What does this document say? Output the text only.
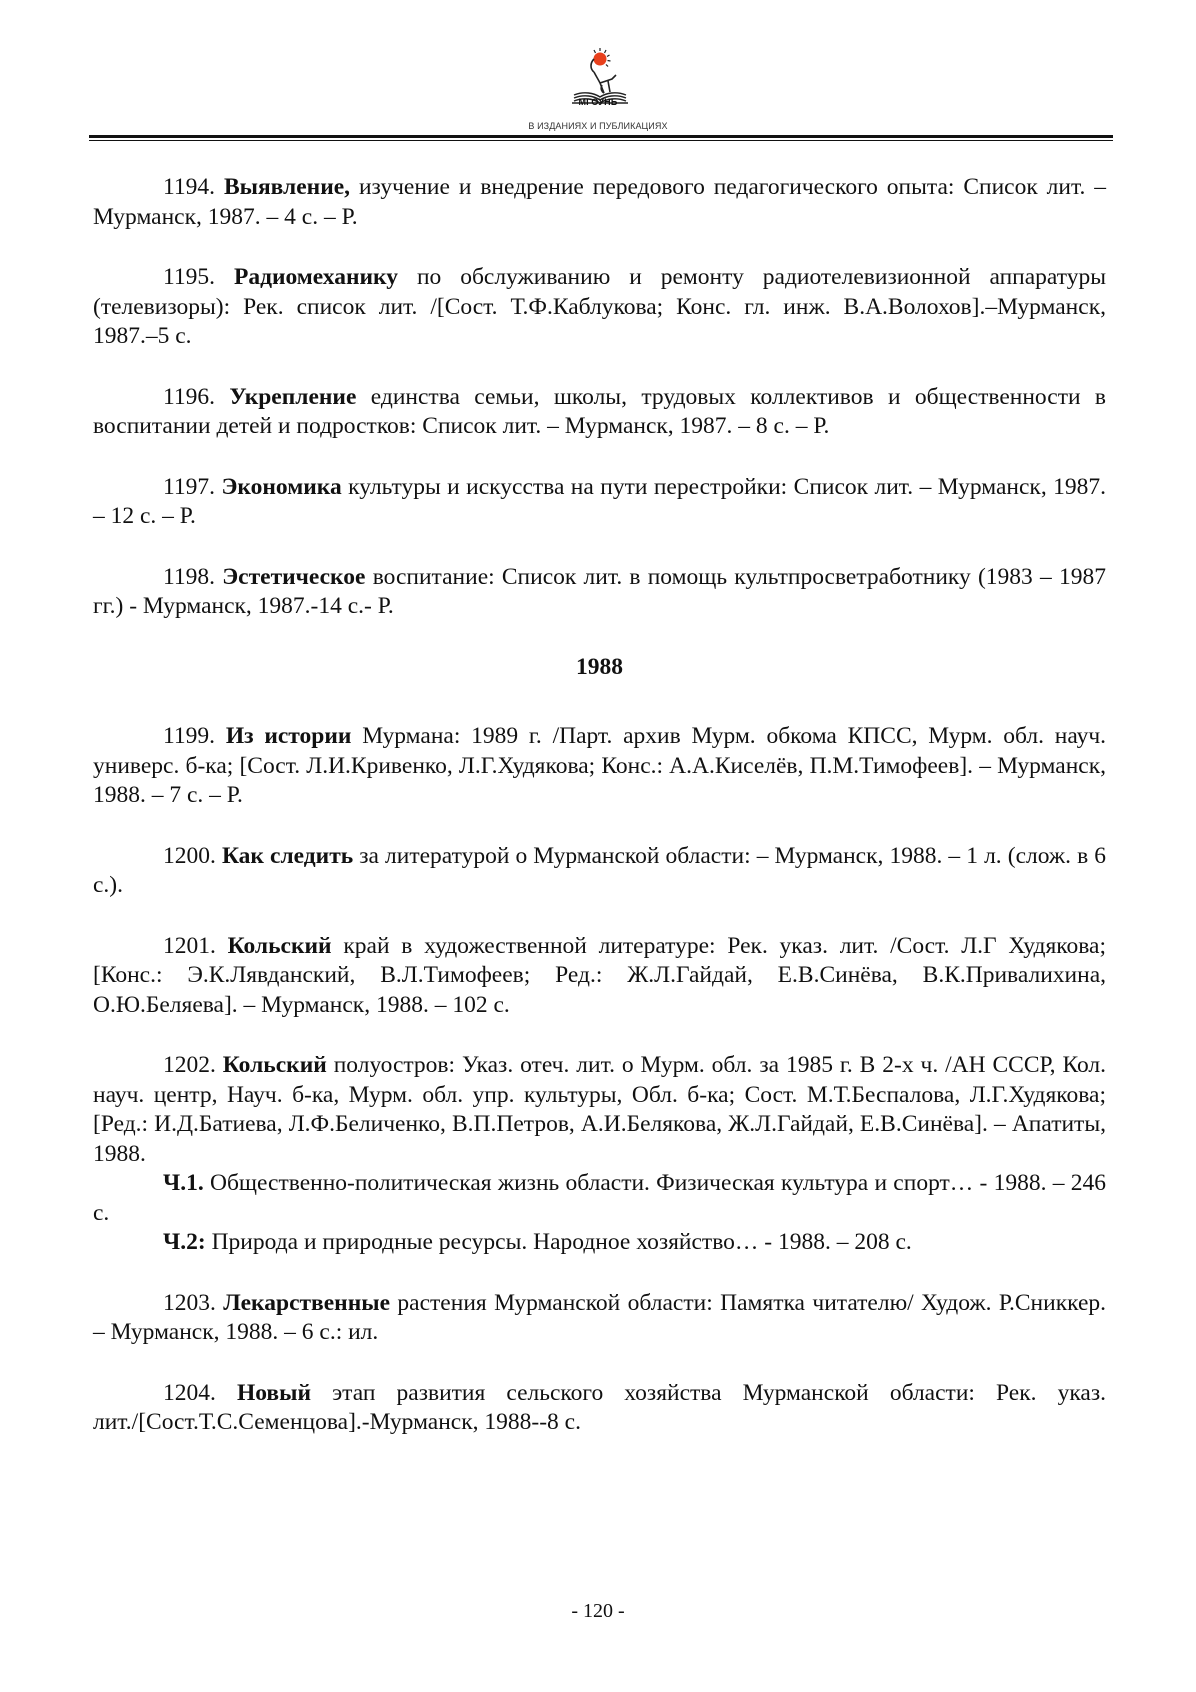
МГОУНБ
В ИЗДАНИЯХ И ПУБЛИКАЦИЯХ

1194. Выявление, изучение и внедрение передового педагогического опыта: Список лит. – Мурманск, 1987. – 4 с. – Р.

1195. Радиомеханику по обслуживанию и ремонту радиотелевизионной аппаратуры (телевизоры): Рек. список лит. /[Сост. Т.Ф.Каблукова; Конс. гл. инж. В.А.Волохов].–Мурманск, 1987.–5 с.

1196. Укрепление единства семьи, школы, трудовых коллективов и общественности в воспитании детей и подростков: Список лит. – Мурманск, 1987. – 8 с. – Р.

1197. Экономика культуры и искусства на пути перестройки: Список лит. – Мурманск, 1987. – 12 с. – Р.

1198. Эстетическое воспитание: Список лит. в помощь культпросветработнику (1983 – 1987 гг.) - Мурманск, 1987.-14 с.- Р.

1988

1199. Из истории Мурмана: 1989 г. /Парт. архив Мурм. обкома КПСС, Мурм. обл. науч. универс. б-ка; [Сост. Л.И.Кривенко, Л.Г.Худякова; Конс.: А.А.Киселёв, П.М.Тимофеев]. – Мурманск, 1988. – 7 с. – Р.

1200. Как следить за литературой о Мурманской области: – Мурманск, 1988. – 1 л. (слож. в 6 с.).

1201. Кольский край в художественной литературе: Рек. указ. лит. /Сост. Л.Г Худякова; [Конс.: Э.К.Лявданский, В.Л.Тимофеев; Ред.: Ж.Л.Гайдай, Е.В.Синёва, В.К.Привалихина, О.Ю.Беляева]. – Мурманск, 1988. – 102 с.

1202. Кольский полуостров: Указ. отеч. лит. о Мурм. обл. за 1985 г. В 2-х ч. /АН СССР, Кол. науч. центр, Науч. б-ка, Мурм. обл. упр. культуры, Обл. б-ка; Сост. М.Т.Беспалова, Л.Г.Худякова; [Ред.: И.Д.Батиева, Л.Ф.Беличенко, В.П.Петров, А.И.Белякова, Ж.Л.Гайдай, Е.В.Синёва]. – Апатиты, 1988.

Ч.1. Общественно-политическая жизнь области. Физическая культура и спорт… - 1988. – 246 с.

Ч.2: Природа и природные ресурсы. Народное хозяйство… - 1988. – 208 с.

1203. Лекарственные растения Мурманской области: Памятка читателю/ Худож. Р.Сниккер. – Мурманск, 1988. – 6 с.: ил.

1204. Новый этап развития сельского хозяйства Мурманской области: Рек. указ. лит./[Сост.Т.С.Семенцова].-Мурманск, 1988--8 с.

- 120 -
